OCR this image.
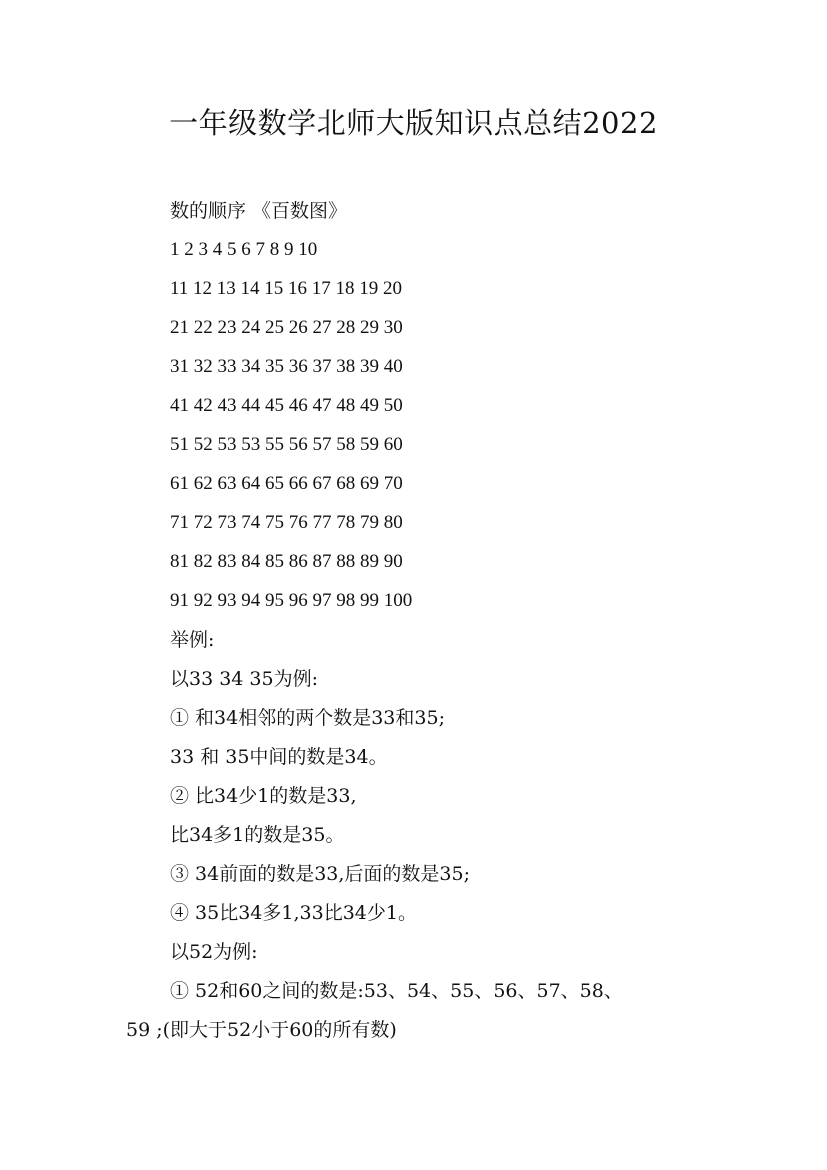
一年级数学北师大版知识点总结2022
数的顺序 《百数图》
1 2 3 4 5 6 7 8 9 10
11 12 13 14 15 16 17 18 19 20
21 22 23 24 25 26 27 28 29 30
31 32 33 34 35 36 37 38 39 40
41 42 43 44 45 46 47 48 49 50
51 52 53 53 55 56 57 58 59 60
61 62 63 64 65 66 67 68 69 70
71 72 73 74 75 76 77 78 79 80
81 82 83 84 85 86 87 88 89 90
91 92 93 94 95 96 97 98 99 100
举例:
以33 34 35为例:
① 和34相邻的两个数是33和35;
33 和 35中间的数是34。
② 比34少1的数是33,
比34多1的数是35。
③ 34前面的数是33,后面的数是35;
④ 35比34多1,33比34少1。
以52为例:
① 52和60之间的数是:53、54、55、56、57、58、
59 ;(即大于52小于60的所有数)
